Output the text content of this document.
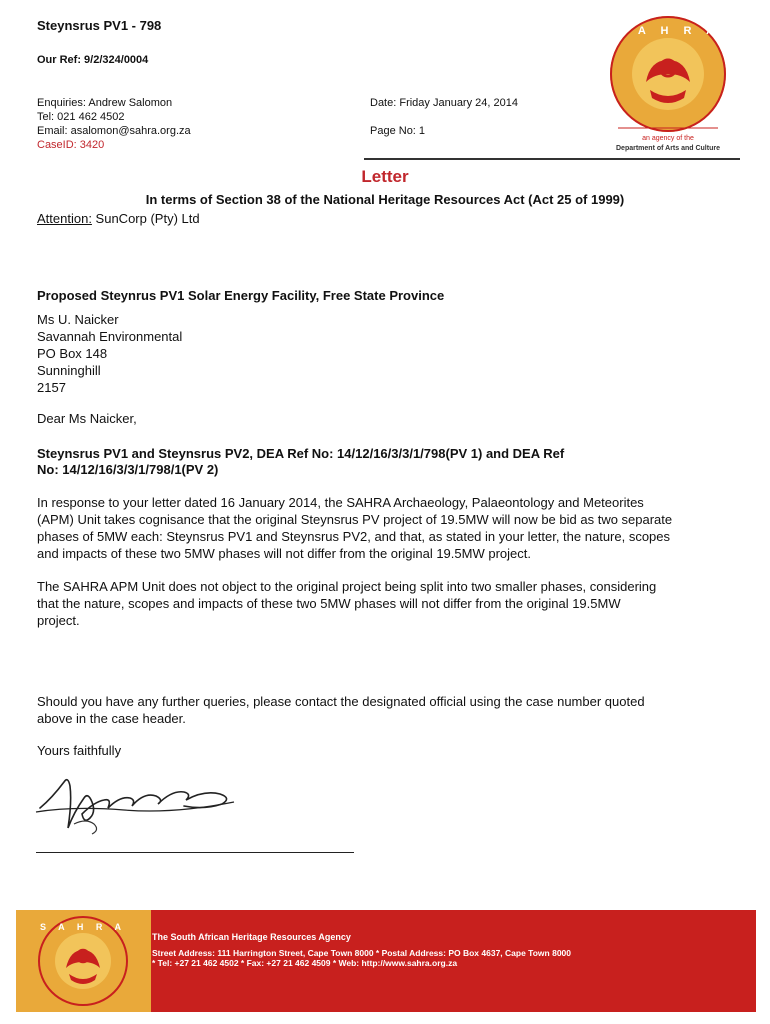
Steynsrus PV1 - 798
Our Ref: 9/2/324/0004
Enquiries: Andrew Salomon
Tel: 021 462 4502
Email: asalomon@sahra.org.za
CaseID: 3420
Date: Friday January 24, 2014
Page No: 1
S A H R A
an agency of the
Department of Arts and Culture
Letter
In terms of Section 38 of the National Heritage Resources Act (Act 25 of 1999)
Attention: SunCorp (Pty) Ltd
Proposed Steynrus PV1 Solar Energy Facility, Free State Province

Ms U. Naicker

Savannah Environmental

PO Box 148

Sunninghill

2157

Dear Ms Naicker,
Steynsrus PV1 and Steynsrus PV2, DEA Ref No: 14/12/16/3/3/1/798(PV 1) and DEA Ref
No: 14/12/16/3/3/1/798/1(PV 2)

In response to your letter dated 16 January 2014, the SAHRA Archaeology, Palaeontology and Meteorites

(APM) Unit takes cognisance that the original Steynsrus PV project of 19.5MW will now be bid as two separate

phases of 5MW each: Steynsrus PV1 and Steynsrus PV2, and that, as stated in your letter, the nature, scopes

and impacts of these two 5MW phases will not differ from the original 19.5MW project.

The SAHRA APM Unit does not object to the original project being split into two smaller phases, considering

that the nature, scopes and impacts of these two 5MW phases will not differ from the original 19.5MW

project.

Should you have any further queries, please contact the designated official using the case number quoted

above in the case header.

Yours faithfully
S A H R A
The South African Heritage Resources Agency
Street Address: 111 Harrington Street, Cape Town 8000 * Postal Address: PO Box 4637, Cape Town 8000
* Tel: +27 21 462 4502 * Fax: +27 21 462 4509 * Web: http://www.sahra.org.za
